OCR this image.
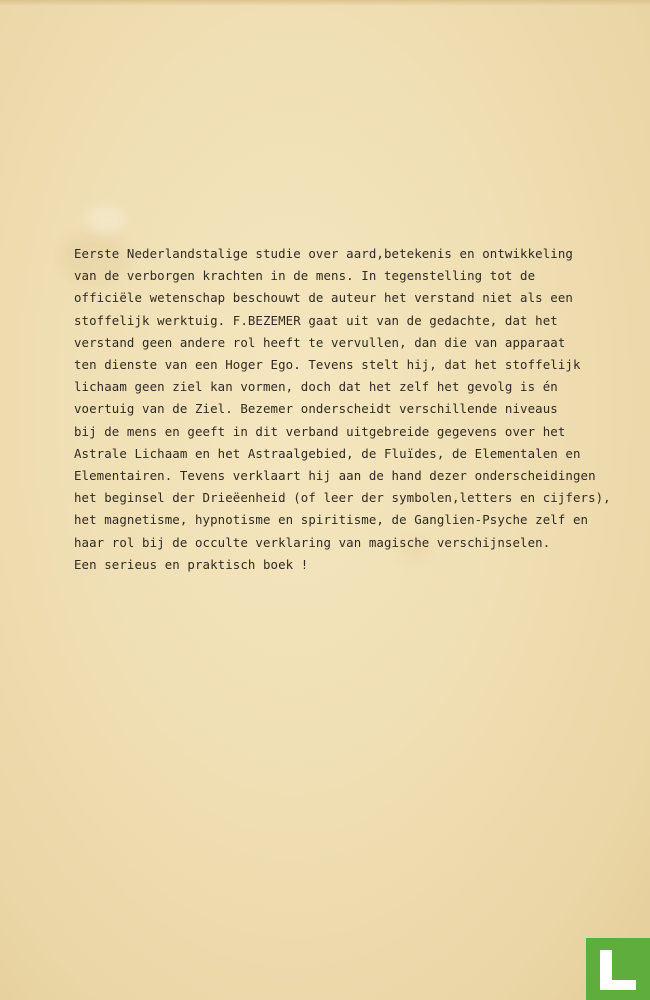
Eerste Nederlandstalige studie over aard,betekenis en ontwikkeling
van de verborgen krachten in de mens. In tegenstelling tot de
officiële wetenschap beschouwt de auteur het verstand niet als een
stoffelijk werktuig. F.BEZEMER gaat uit van de gedachte, dat het
verstand geen andere rol heeft te vervullen, dan die van apparaat
ten dienste van een Hoger Ego. Tevens stelt hij, dat het stoffelijk
lichaam geen ziel kan vormen, doch dat het zelf het gevolg is én
voertuig van de Ziel. Bezemer onderscheidt verschillende niveaus
bij de mens en geeft in dit verband uitgebreide gegevens over het
Astrale Lichaam en het Astraalgebied, de Fluïdes, de Elementalen en
Elementairen. Tevens verklaart hij aan de hand dezer onderscheidingen
het beginsel der Drieëenheid (of leer der symbolen,letters en cijfers),
het magnetisme, hypnotisme en spiritisme, de Ganglien-Psyche zelf en
haar rol bij de occulte verklaring van magische verschijnselen.
Een serieus en praktisch boek !
